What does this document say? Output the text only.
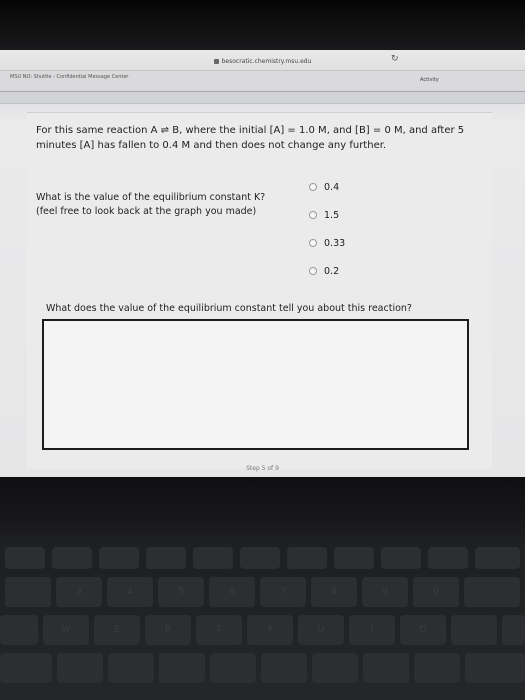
besocratic.chemistry.msu.edu	↻
MSU NO: Shuttle - Confidential Message Center	Activity
For this same reaction A ⇌ B, where the initial [A] = 1.0 M, and [B] = 0 M, and after 5 minutes [A] has fallen to 0.4 M and then does not change any further.
What is the value of the equilibrium constant K?
(feel free to look back at the graph you made)
0.4
1.5
0.33
0.2
What does the value of the equilibrium constant tell you about this reaction?
Step 5 of 9
3	4	5	6	7	8	9	0
W	E	R	T	Y	U	I	O
